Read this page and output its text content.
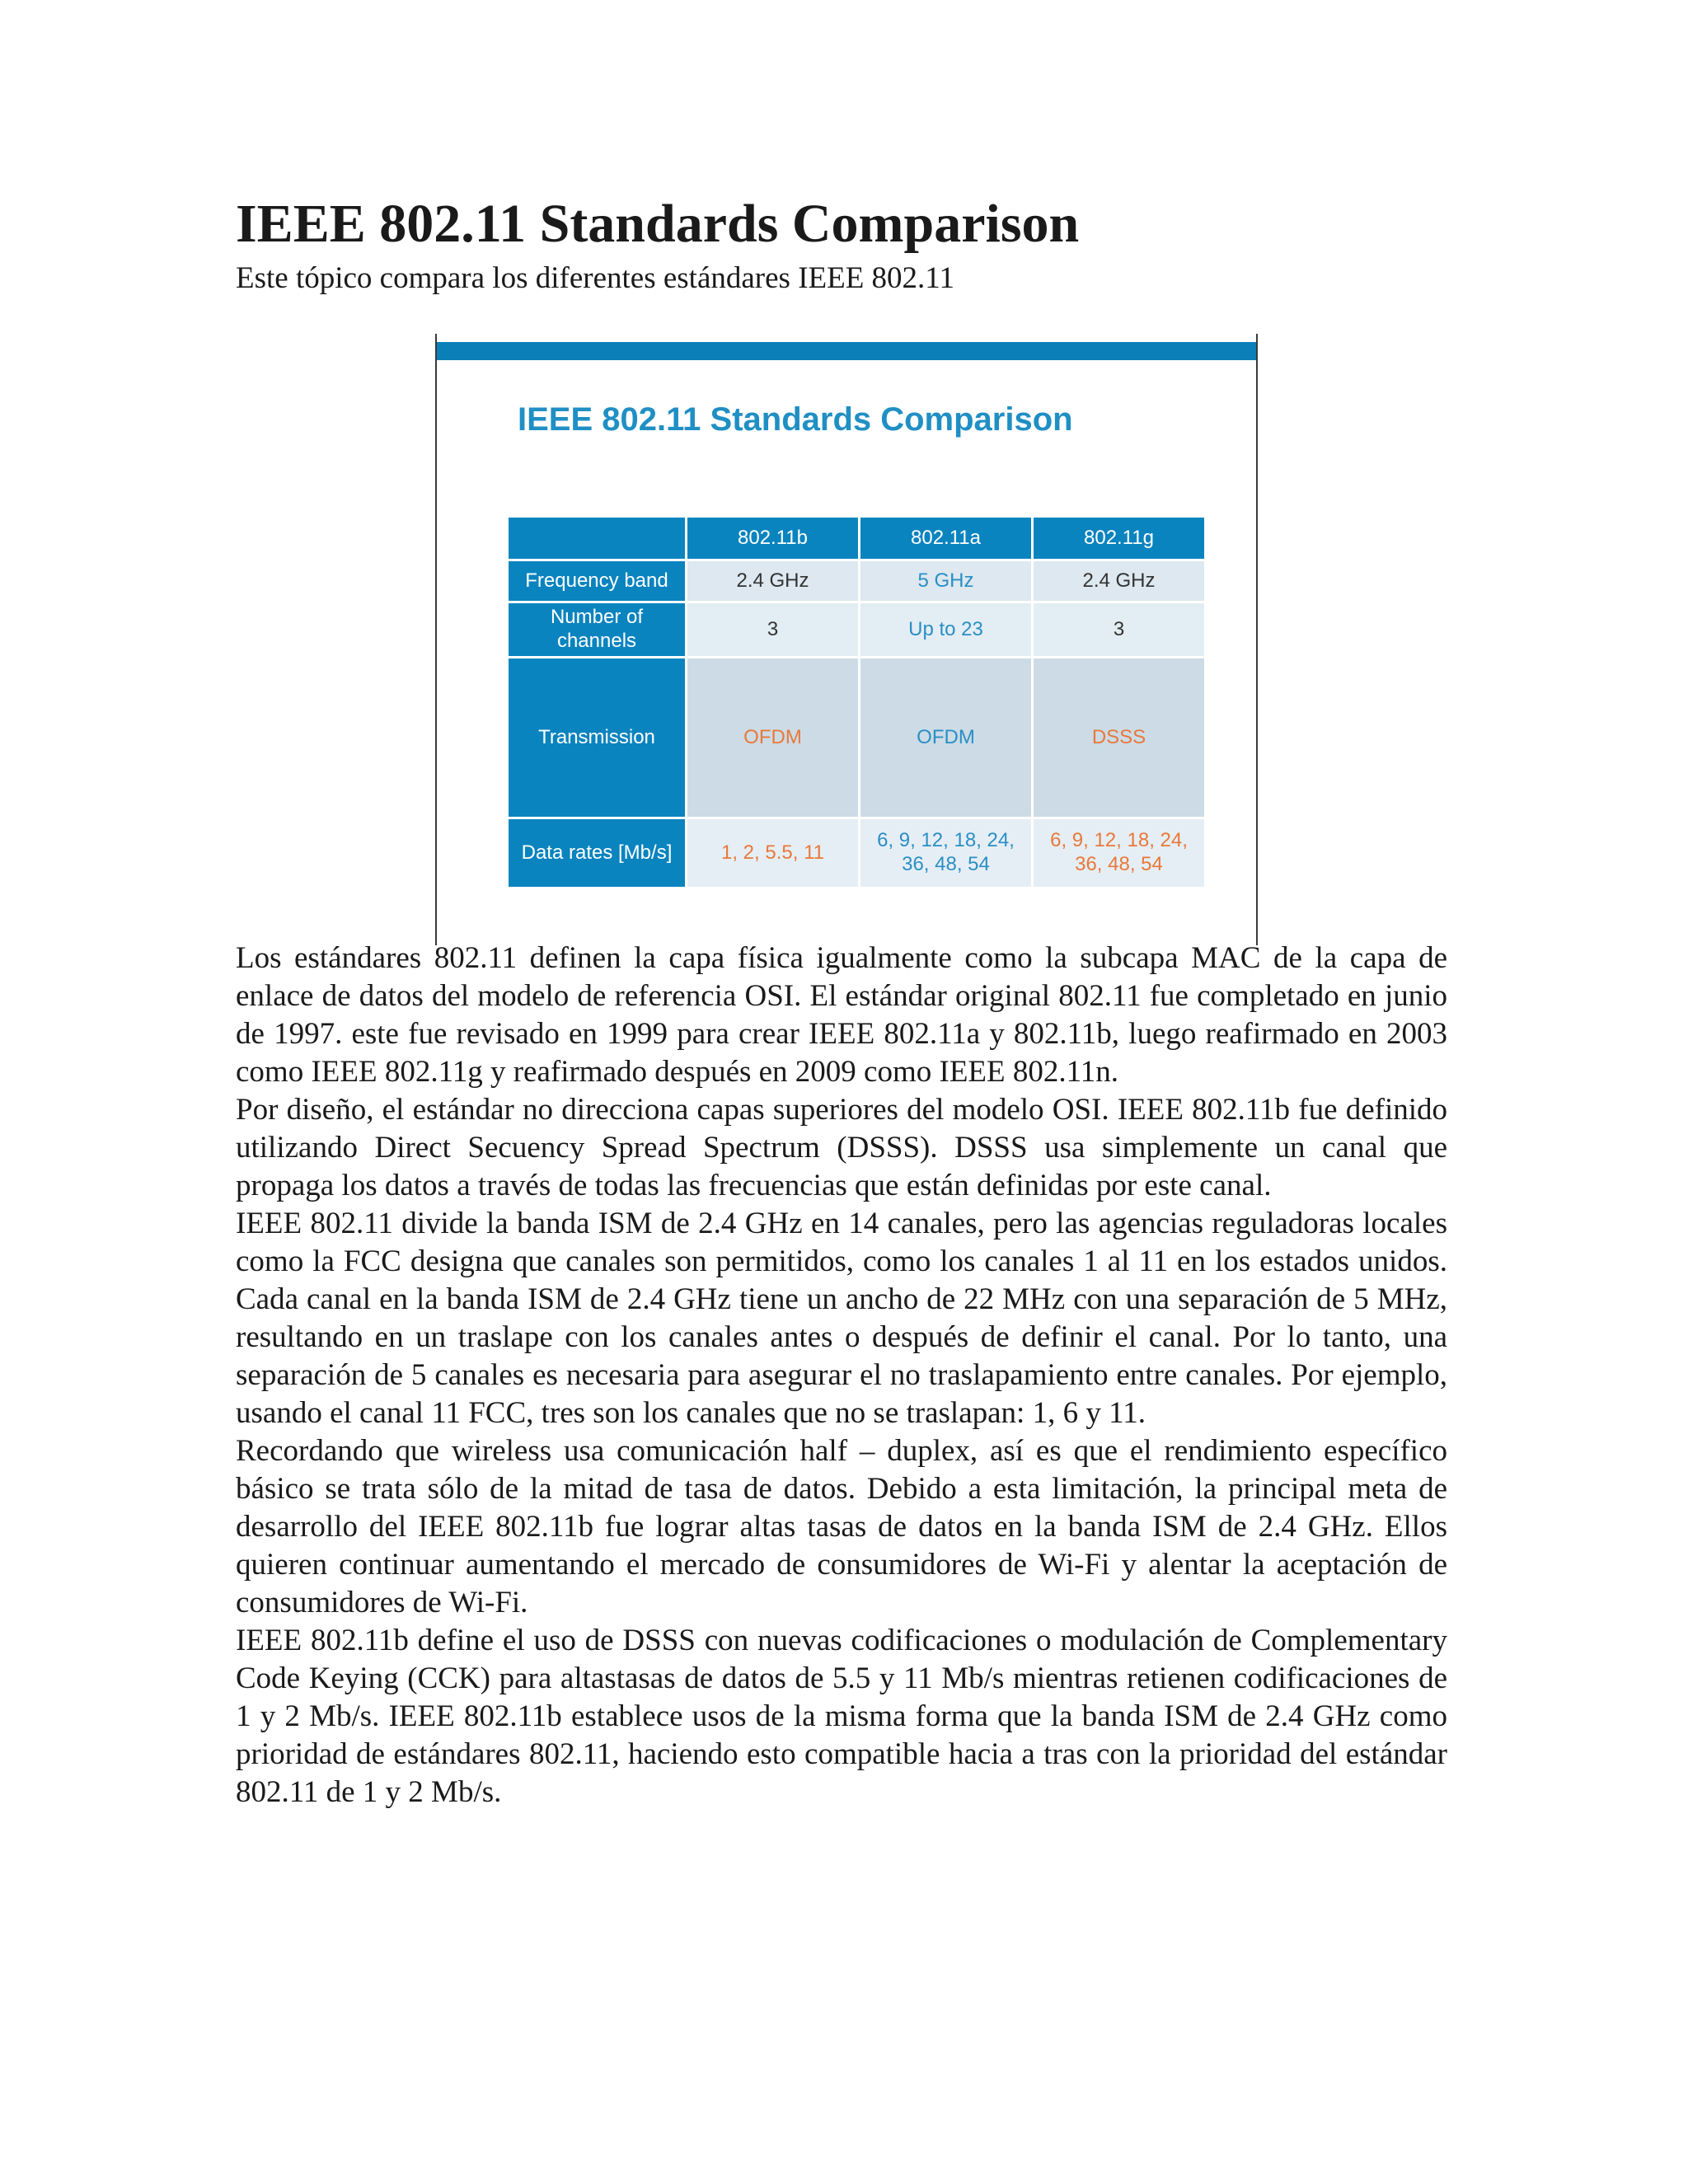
IEEE 802.11 Standards Comparison
Este tópico compara los diferentes estándares IEEE 802.11
IEEE 802.11 Standards Comparison
	802.11b	802.11a	802.11g
Frequency band	2.4 GHz	5 GHz	2.4 GHz
Number of channels	3	Up to 23	3
Transmission	OFDM	OFDM	DSSS
Data rates [Mb/s]	1, 2, 5.5, 11	6, 9, 12, 18, 24, 36, 48, 54	6, 9, 12, 18, 24, 36, 48, 54

Los estándares 802.11 definen la capa física igualmente como la subcapa MAC de la capa de enlace de datos del modelo de referencia OSI. El estándar original 802.11 fue completado en junio de 1997. este fue revisado en 1999 para crear IEEE 802.11a y 802.11b, luego reafirmado en 2003 como IEEE 802.11g y reafirmado después en 2009 como IEEE 802.11n.

Por diseño, el estándar no direcciona capas superiores del modelo OSI. IEEE 802.11b fue definido utilizando Direct Secuency Spread Spectrum (DSSS). DSSS usa simplemente un canal que propaga los datos a través de todas las frecuencias que están definidas por este canal.

IEEE 802.11 divide la banda ISM de 2.4 GHz en 14 canales, pero las agencias reguladoras locales como la FCC designa que canales son permitidos, como los canales 1 al 11 en los estados unidos. Cada canal en la banda ISM de 2.4 GHz tiene un ancho de 22 MHz con una separación de 5 MHz, resultando en un traslape con los canales antes o después de definir el canal. Por lo tanto, una separación de 5 canales es necesaria para asegurar el no traslapamiento entre canales. Por ejemplo, usando el canal 11 FCC, tres son los canales que no se traslapan: 1, 6 y 11.

Recordando que wireless usa comunicación half – duplex, así es que el rendimiento específico básico se trata sólo de la mitad de tasa de datos. Debido a esta limitación, la principal meta de desarrollo del IEEE 802.11b fue lograr altas tasas de datos en la banda ISM de 2.4 GHz. Ellos quieren continuar aumentando el mercado de consumidores de Wi-Fi y alentar la aceptación de consumidores de Wi-Fi.

IEEE 802.11b define el uso de DSSS con nuevas codificaciones o modulación de Complementary Code Keying (CCK) para altastasas de datos de 5.5 y 11 Mb/s mientras retienen codificaciones de 1 y 2 Mb/s. IEEE 802.11b establece usos de la misma forma que la banda ISM de 2.4 GHz como prioridad de estándares 802.11, haciendo esto compatible hacia a tras con la prioridad del estándar 802.11 de 1 y 2 Mb/s.
